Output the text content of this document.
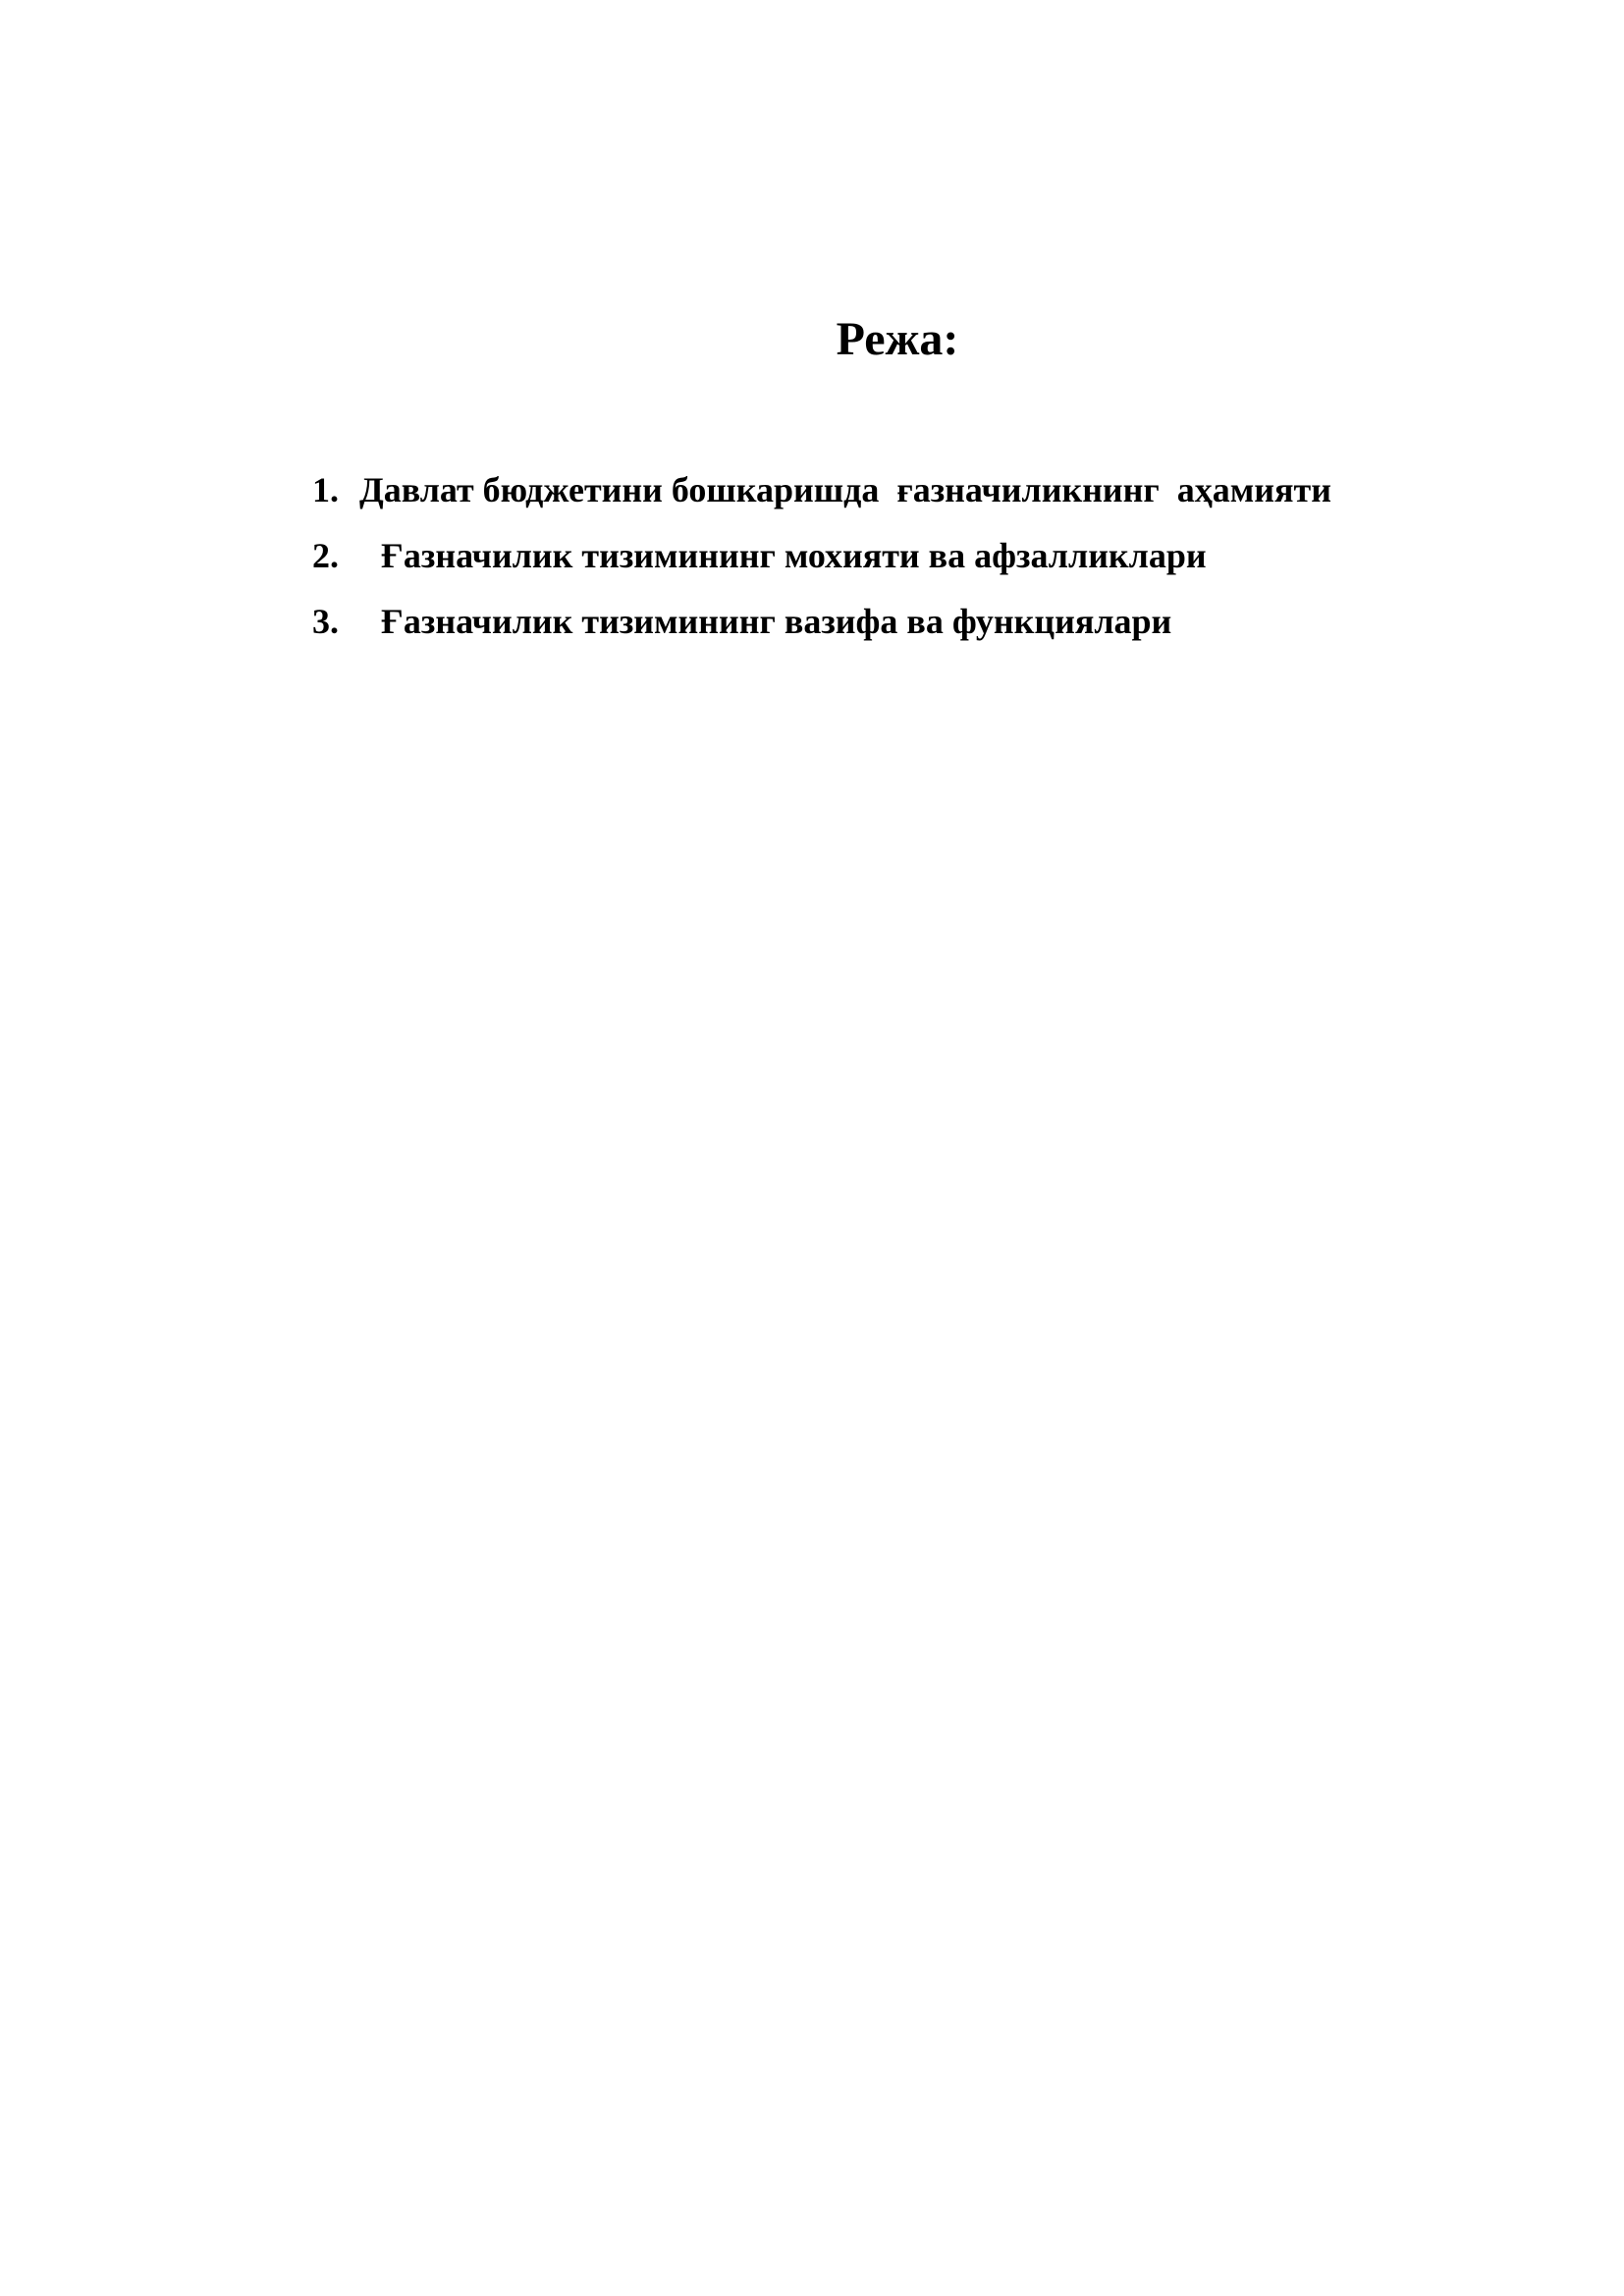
Режа:
1. Давлат бюджетини бошкаришда  ғазначиликнинг  аҳамияти
2.	Ғазначилик тизимининг мохияти ва афзалликлари
3.	Ғазначилик тизимининг вазифа ва функциялари
